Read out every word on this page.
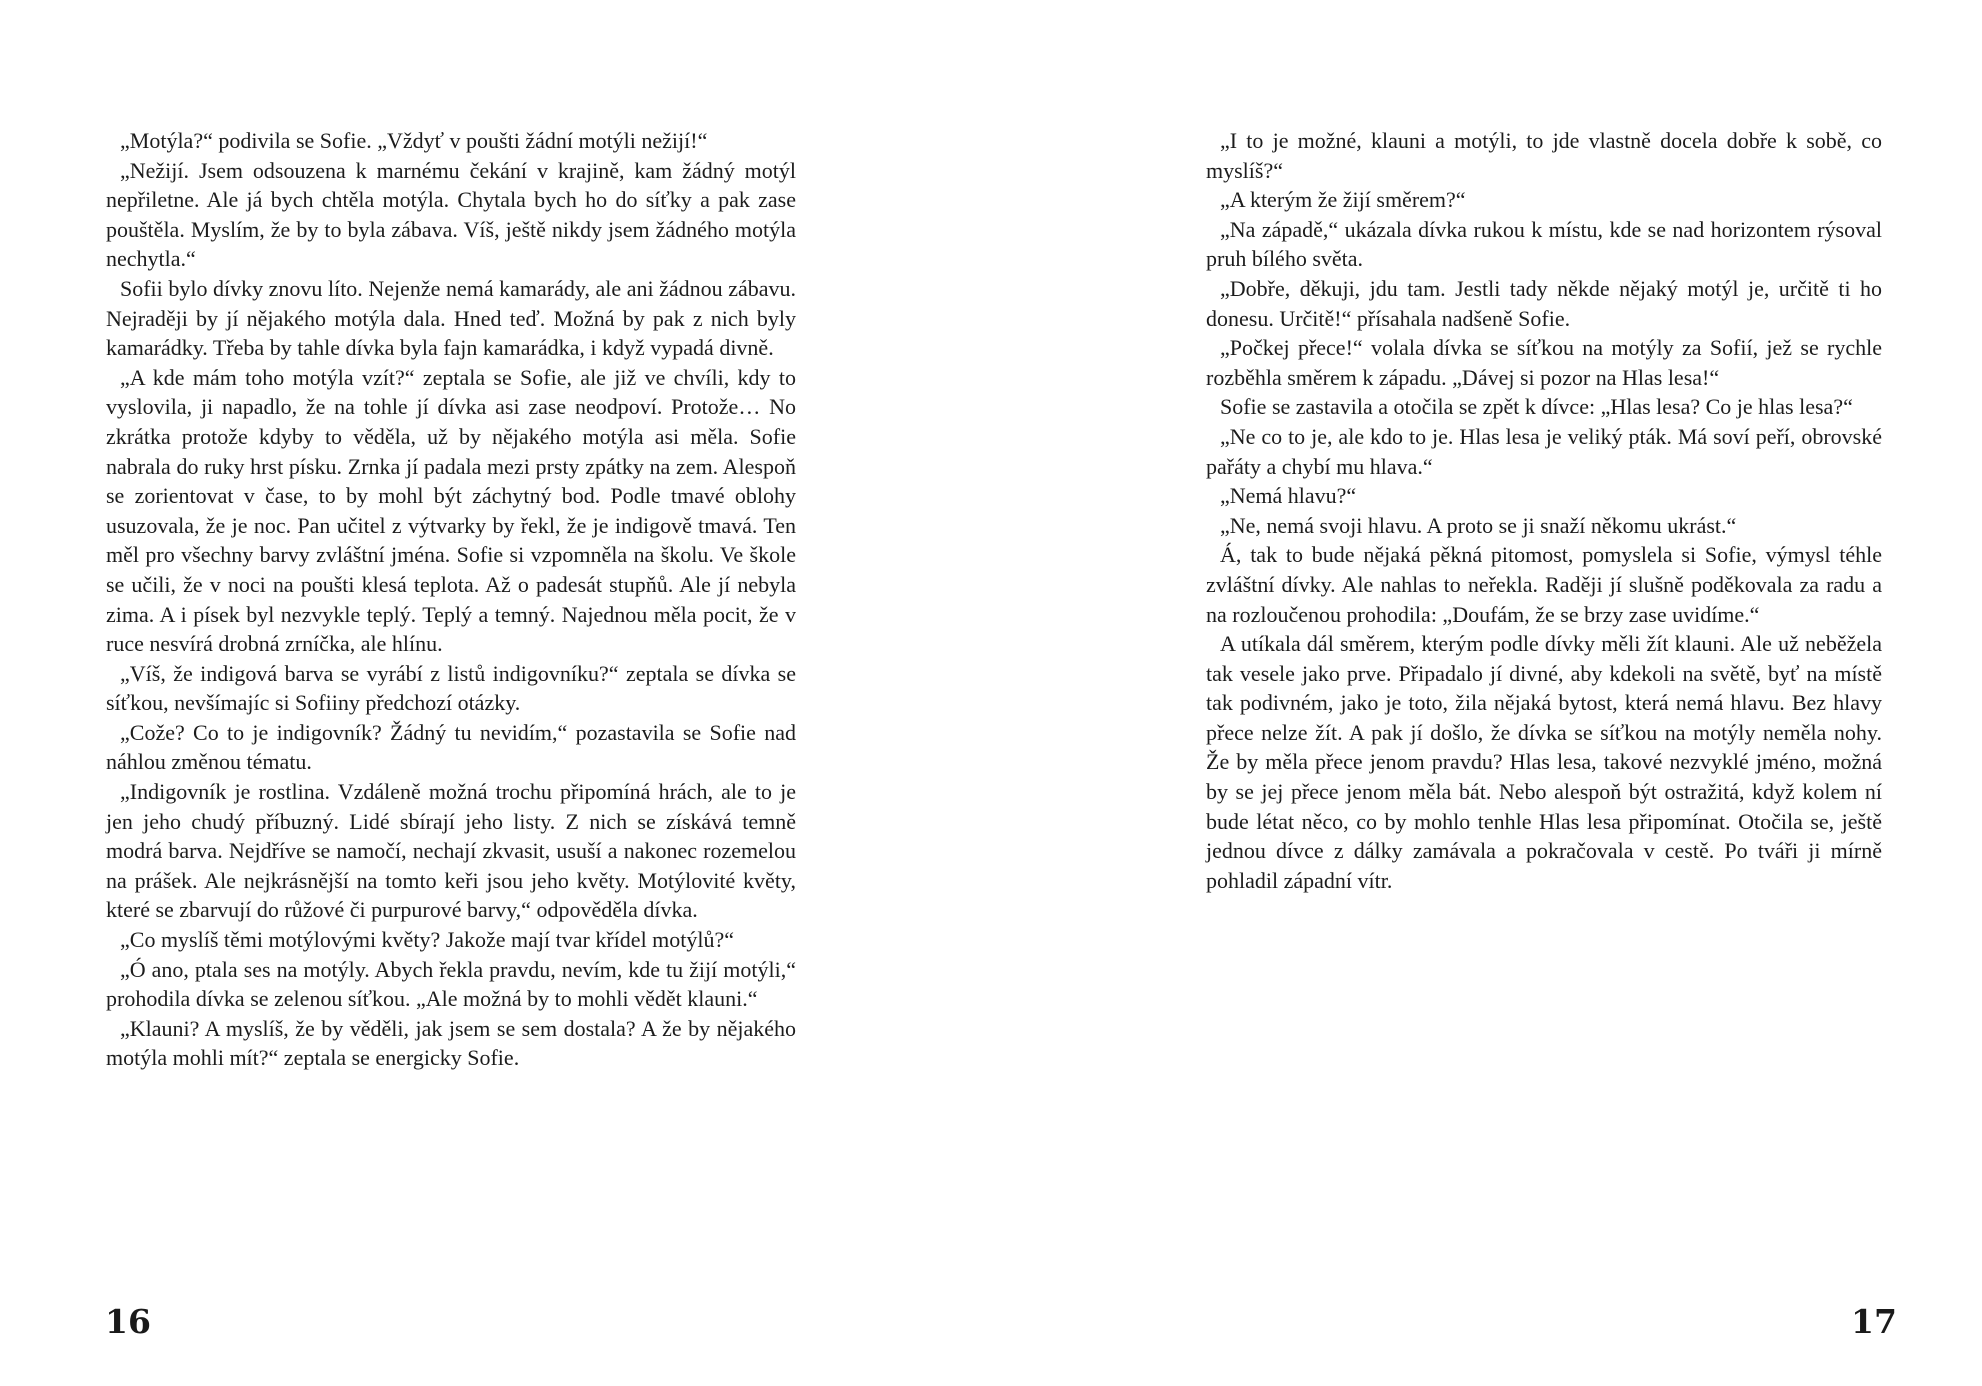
„Motýla?“ podivila se Sofie. „Vždyť v poušti žádní motýli nežijí!“

„Nežijí. Jsem odsouzena k marnému čekání v krajině, kam žádný motýl nepřiletne. Ale já bych chtěla motýla. Chytala bych ho do síťky a pak zase pouštěla. Myslím, že by to byla zábava. Víš, ještě nikdy jsem žádného motýla nechytla.“

Sofii bylo dívky znovu líto. Nejenže nemá kamarády, ale ani žádnou zábavu. Nejraději by jí nějakého motýla dala. Hned teď. Možná by pak z nich byly kamarádky. Třeba by tahle dívka byla fajn kamarádka, i když vypadá divně.

„A kde mám toho motýla vzít?“ zeptala se Sofie, ale již ve chvíli, kdy to vyslovila, ji napadlo, že na tohle jí dívka asi zase neodpoví. Protože… No zkrátka protože kdyby to věděla, už by nějakého motýla asi měla. Sofie nabrala do ruky hrst písku. Zrnka jí padala mezi prsty zpátky na zem. Alespoň se zorientovat v čase, to by mohl být záchytný bod. Podle tmavé oblohy usuzovala, že je noc. Pan učitel z výtvarky by řekl, že je indigově tmavá. Ten měl pro všechny barvy zvláštní jména. Sofie si vzpomněla na školu. Ve škole se učili, že v noci na poušti klesá teplota. Až o padesát stupňů. Ale jí nebyla zima. A i písek byl nezvykle teplý. Teplý a temný. Najednou měla pocit, že v ruce nesvírá drobná zrníčka, ale hlínu.

„Víš, že indigová barva se vyrábí z listů indigovníku?“ zeptala se dívka se síťkou, nevšímajíc si Sofiiny předchozí otázky.

„Cože? Co to je indigovník? Žádný tu nevidím,“ pozastavila se Sofie nad náhlou změnou tématu.

„Indigovník je rostlina. Vzdáleně možná trochu připomíná hrách, ale to je jen jeho chudý příbuzný. Lidé sbírají jeho listy. Z nich se získává temně modrá barva. Nejdříve se namočí, nechají zkvasit, usuší a nakonec rozemelou na prášek. Ale nejkrásnější na tomto keři jsou jeho květy. Motýlovité květy, které se zbarvují do růžové či purpurové barvy,“ odpověděla dívka.

„Co myslíš těmi motýlovými květy? Jakože mají tvar křídel motýlů?“

„Ó ano, ptala ses na motýly. Abych řekla pravdu, nevím, kde tu žijí motýli,“ prohodila dívka se zelenou síťkou. „Ale možná by to mohli vědět klauni.“

„Klauni? A myslíš, že by věděli, jak jsem se sem dostala? A že by nějakého motýla mohli mít?“ zeptala se energicky Sofie.

16

„I to je možné, klauni a motýli, to jde vlastně docela dobře k sobě, co myslíš?“

„A kterým že žijí směrem?“

„Na západě,“ ukázala dívka rukou k místu, kde se nad horizontem rýsoval pruh bílého světa.

„Dobře, děkuji, jdu tam. Jestli tady někde nějaký motýl je, určitě ti ho donesu. Určitě!“ přísahala nadšeně Sofie.

„Počkej přece!“ volala dívka se síťkou na motýly za Sofií, jež se rychle rozběhla směrem k západu. „Dávej si pozor na Hlas lesa!“

Sofie se zastavila a otočila se zpět k dívce: „Hlas lesa? Co je hlas lesa?“

„Ne co to je, ale kdo to je. Hlas lesa je veliký pták. Má soví peří, obrovské pařáty a chybí mu hlava.“

„Nemá hlavu?“

„Ne, nemá svoji hlavu. A proto se ji snaží někomu ukrást.“

Á, tak to bude nějaká pěkná pitomost, pomyslela si Sofie, výmysl téhle zvláštní dívky. Ale nahlas to neřekla. Raději jí slušně poděkovala za radu a na rozloučenou prohodila: „Doufám, že se brzy zase uvidíme.“

A utíkala dál směrem, kterým podle dívky měli žít klauni. Ale už neběžela tak vesele jako prve. Připadalo jí divné, aby kdekoli na světě, byť na místě tak podivném, jako je toto, žila nějaká bytost, která nemá hlavu. Bez hlavy přece nelze žít. A pak jí došlo, že dívka se síťkou na motýly neměla nohy. Že by měla přece jenom pravdu? Hlas lesa, takové nezvyklé jméno, možná by se jej přece jenom měla bát. Nebo alespoň být ostražitá, když kolem ní bude létat něco, co by mohlo tenhle Hlas lesa připomínat. Otočila se, ještě jednou dívce z dálky zamávala a pokračovala v cestě. Po tváři ji mírně pohladil západní vítr.

17
